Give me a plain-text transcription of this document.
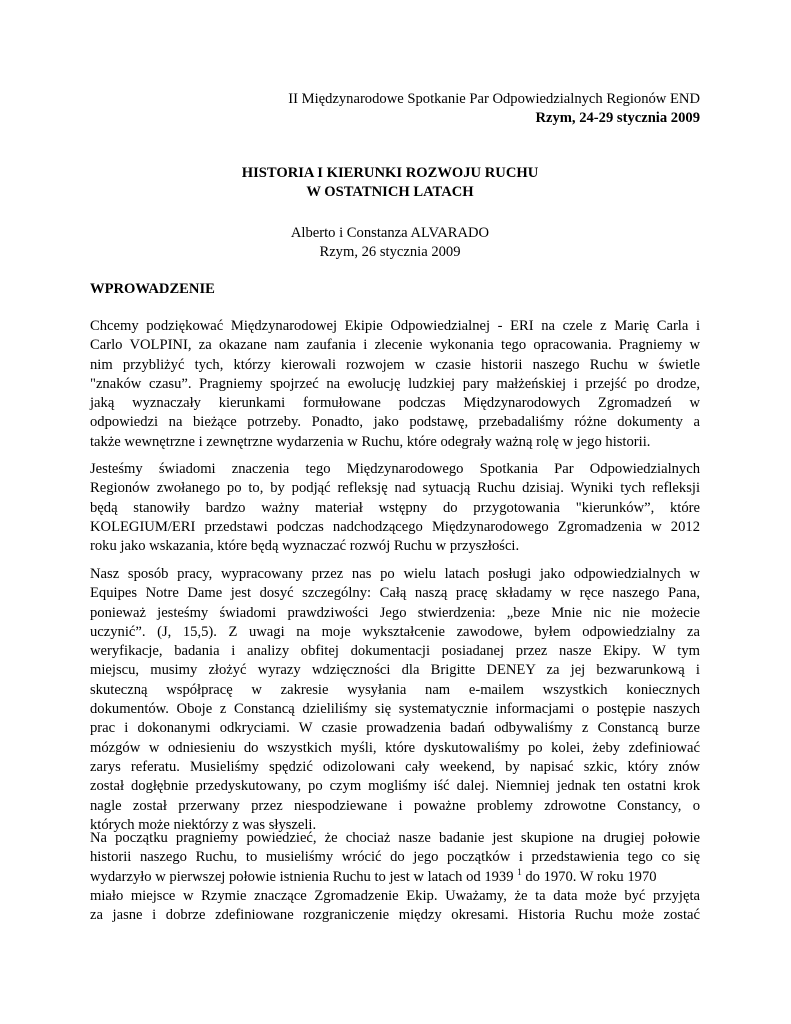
II Międzynarodowe Spotkanie Par Odpowiedzialnych Regionów END
Rzym, 24-29 stycznia 2009
HISTORIA I KIERUNKI ROZWOJU RUCHU
W OSTATNICH LATACH
Alberto i Constanza ALVARADO
Rzym, 26 stycznia 2009
WPROWADZENIE
Chcemy podziękować Międzynarodowej Ekipie Odpowiedzialnej - ERI na czele z Marię Carla i
Carlo VOLPINI, za okazane nam zaufania i zlecenie wykonania tego opracowania. Pragniemy w
nim przybliżyć tych, którzy kierowali rozwojem w czasie historii naszego Ruchu w świetle
"znaków czasu”. Pragniemy spojrzeć na ewolucję ludzkiej pary małżeńskiej i przejść po drodze,
jaką wyznaczały kierunkami formułowane podczas Międzynarodowych Zgromadzeń w
odpowiedzi na bieżące potrzeby. Ponadto, jako podstawę, przebadaliśmy różne dokumenty a
także wewnętrzne i zewnętrzne wydarzenia w Ruchu, które odegrały ważną rolę w jego historii.
Jesteśmy świadomi znaczenia tego Międzynarodowego Spotkania Par Odpowiedzialnych
Regionów zwołanego po to, by podjąć refleksję nad sytuacją Ruchu dzisiaj. Wyniki tych refleksji
będą stanowiły bardzo ważny materiał wstępny do przygotowania "kierunków”, które
KOLEGIUM/ERI przedstawi podczas nadchodzącego Międzynarodowego Zgromadzenia w 2012
roku jako wskazania, które będą wyznaczać rozwój Ruchu w przyszłości.
Nasz sposób pracy, wypracowany przez nas po wielu latach posługi jako odpowiedzialnych w
Equipes Notre Dame jest dosyć szczególny: Całą naszą pracę składamy w ręce naszego Pana,
ponieważ jesteśmy świadomi prawdziwości Jego stwierdzenia: „beze Mnie nic nie możecie
uczynić”. (J, 15,5). Z uwagi na moje wykształcenie zawodowe, byłem odpowiedzialny za
weryfikacje, badania i analizy obfitej dokumentacji posiadanej przez nasze Ekipy. W tym
miejscu, musimy złożyć wyrazy wdzięczności dla Brigitte DENEY za jej bezwarunkową i
skuteczną współpracę w zakresie wysyłania nam e-mailem wszystkich koniecznych
dokumentów. Oboje z Constancą dzieliliśmy się systematycznie informacjami o postępie naszych
prac i dokonanymi odkryciami. W czasie prowadzenia badań odbywaliśmy z Constancą burze
mózgów w odniesieniu do wszystkich myśli, które dyskutowaliśmy po kolei, żeby zdefiniować
zarys referatu. Musieliśmy spędzić odizolowani cały weekend, by napisać szkic, który znów
został dogłębnie przedyskutowany, po czym mogliśmy iść dalej. Niemniej jednak ten ostatni krok
nagle został przerwany przez niespodziewane i poważne problemy zdrowotne Constancy, o
których może niektórzy z was słyszeli.
Na początku pragniemy powiedzieć, że chociaż nasze badanie jest skupione na drugiej połowie
historii naszego Ruchu, to musieliśmy wrócić do jego początków i przedstawienia tego co się
wydarzyło w pierwszej połowie istnienia Ruchu to jest w latach od 1939 $^1$ do 1970. W roku 1970
miało miejsce w Rzymie znaczące Zgromadzenie Ekip. Uważamy, że ta data może być przyjęta
za jasne i dobrze zdefiniowane rozgraniczenie między okresami. Historia Ruchu może zostać
